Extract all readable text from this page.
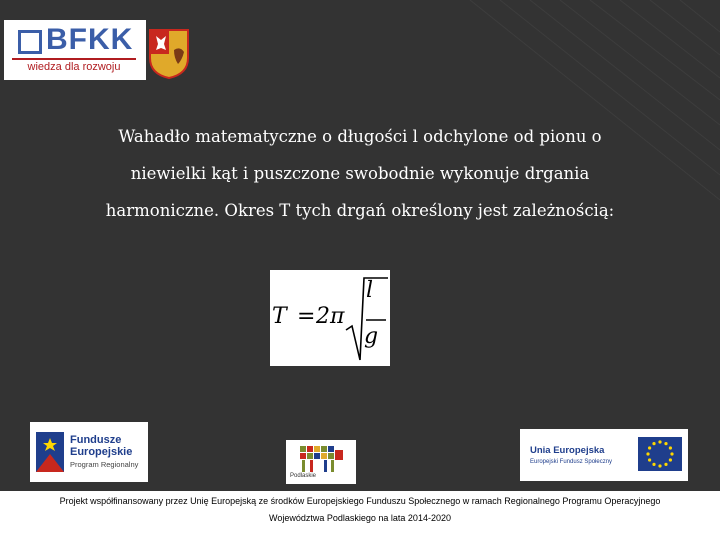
BFKK
wiedza dla rozwoju
Wahadło matematyczne o długości l odchylone od pionu o
niewielki kąt i puszczone swobodnie wykonuje drgania
harmoniczne. Okres T tych drgań określony jest zależnością:
T = 2π
l
g
Fundusze
Europejskie
Program Regionalny
Podlaskie
Unia Europejska
Europejski Fundusz Społeczny
Projekt współfinansowany przez Unię Europejską ze środków Europejskiego Funduszu Społecznego w ramach Regionalnego Programu Operacyjnego
Województwa Podlaskiego na lata 2014-2020
